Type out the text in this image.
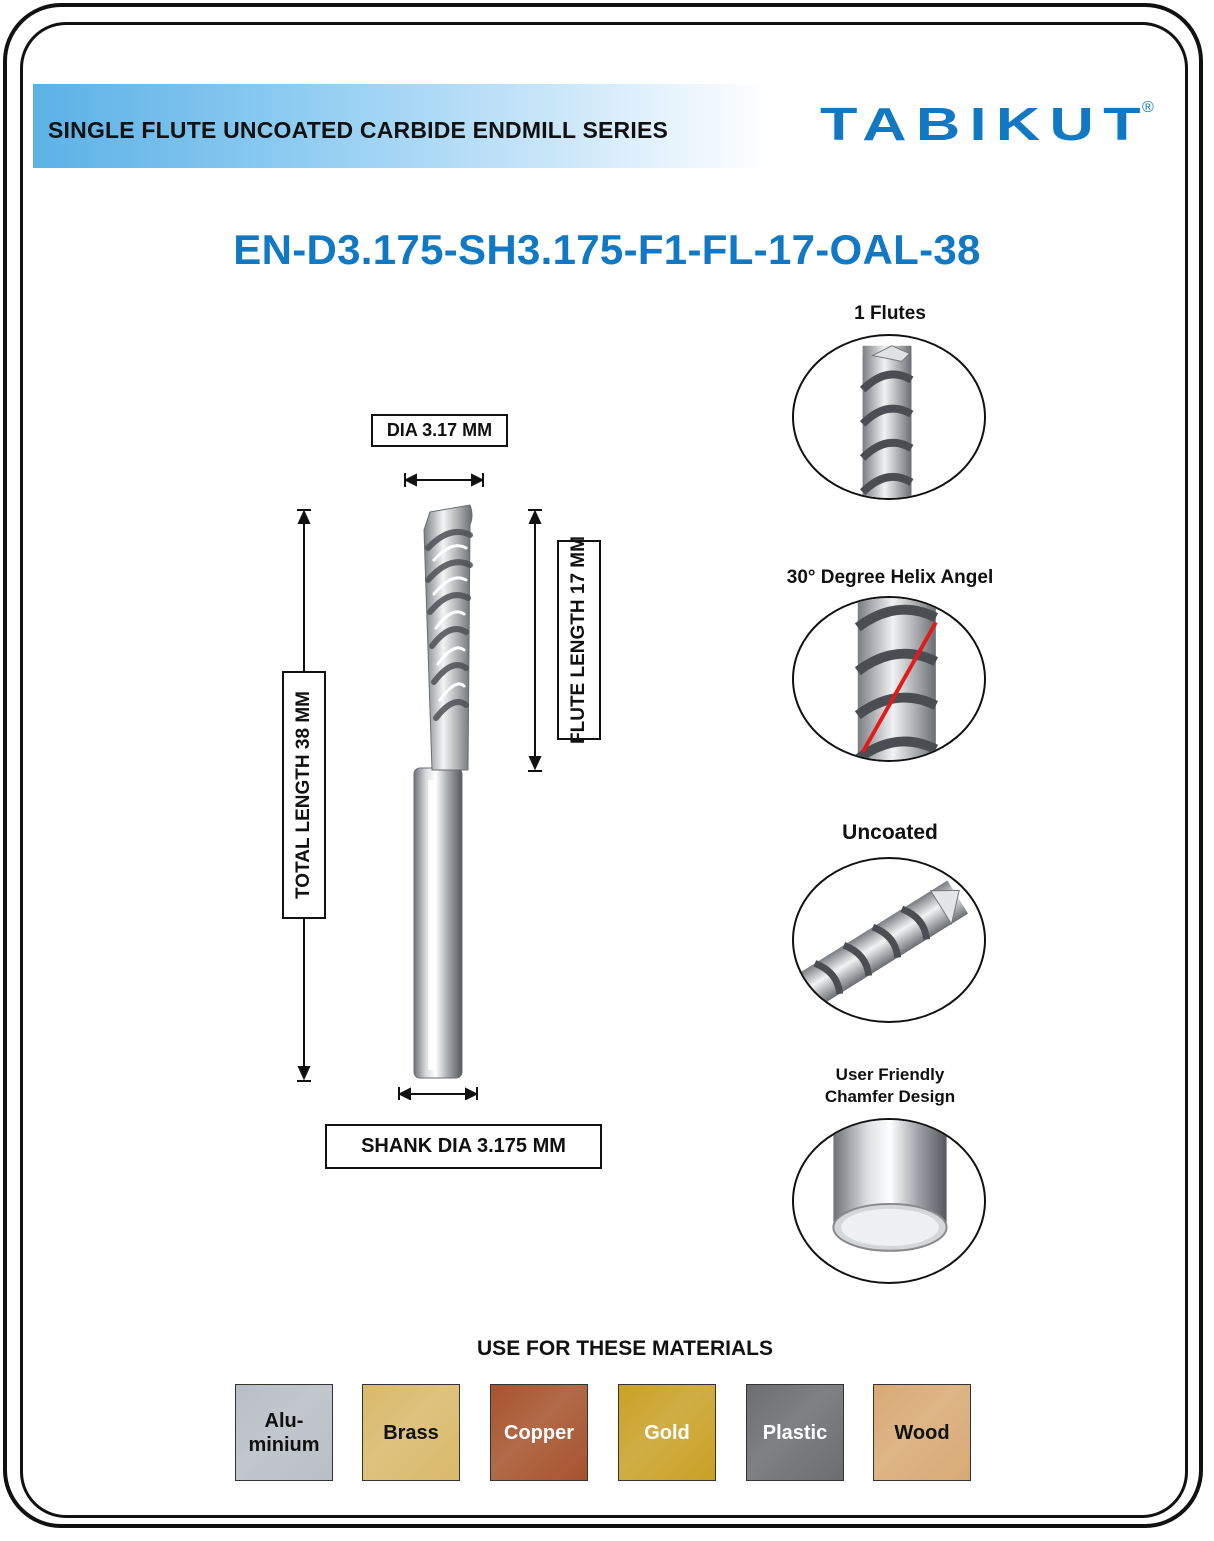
SINGLE FLUTE UNCOATED CARBIDE ENDMILL SERIES	TABIKUT
®
EN-D3.175-SH3.175-F1-FL-17-OAL-38
DIA 3.17 MM
TOTAL LENGTH 38 MM
FLUTE LENGTH 17 MM
SHANK DIA 3.175 MM
1 Flutes
30° Degree Helix Angel
Uncoated
User Friendly
Chamfer Design
USE FOR THESE MATERIALS
Alu-
minium
Brass	Copper	Gold	Plastic	Wood
